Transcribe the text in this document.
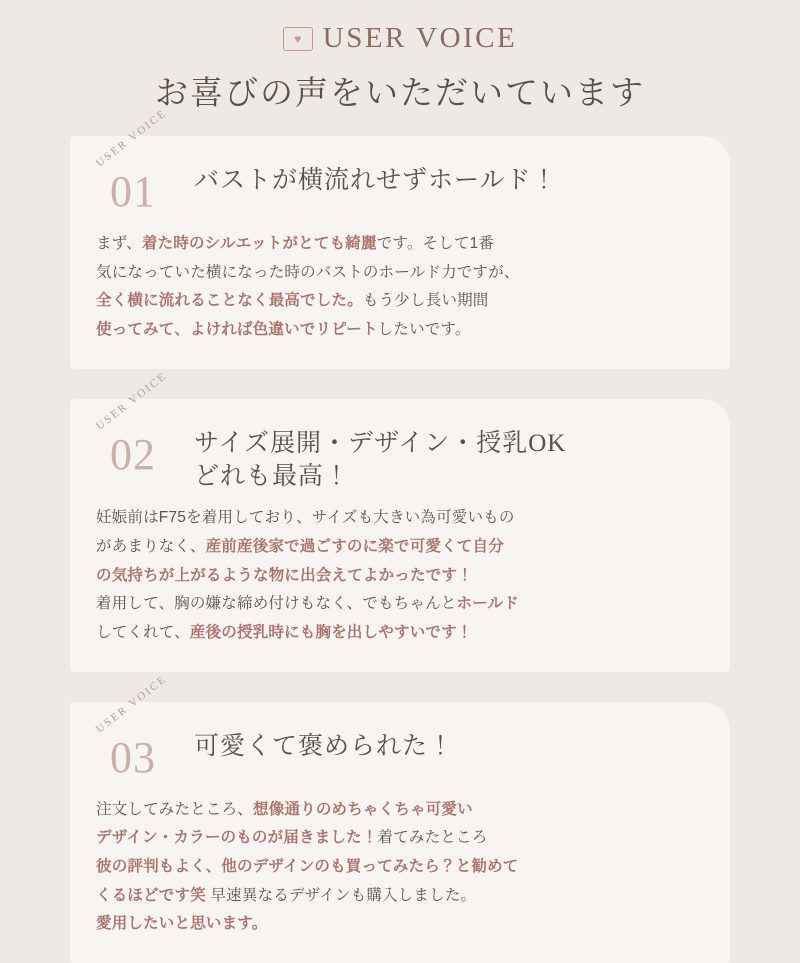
♥ USER VOICE
お喜びの声をいただいています
USER VOICE
01 バストが横流れせずホールド！
まず、着た時のシルエットがとても綺麗です。そして1番
気になっていた横になった時のバストのホールド力ですが、
全く横に流れることなく最高でした。もう少し長い期間
使ってみて、よければ色違いでリピートしたいです。
USER VOICE
02 サイズ展開・デザイン・授乳OK
どれも最高！
妊娠前はF75を着用しており、サイズも大きい為可愛いもの
があまりなく、産前産後家で過ごすのに楽で可愛くて自分
の気持ちが上がるような物に出会えてよかったです！
着用して、胸の嫌な締め付けもなく、でもちゃんとホールド
してくれて、産後の授乳時にも胸を出しやすいです！
USER VOICE
03 可愛くて褒められた！
注文してみたところ、想像通りのめちゃくちゃ可愛い
デザイン・カラーのものが届きました！着てみたところ
彼の評判もよく、他のデザインのも買ってみたら？と勧めて
くるほどです笑 早速異なるデザインも購入しました。
愛用したいと思います。
